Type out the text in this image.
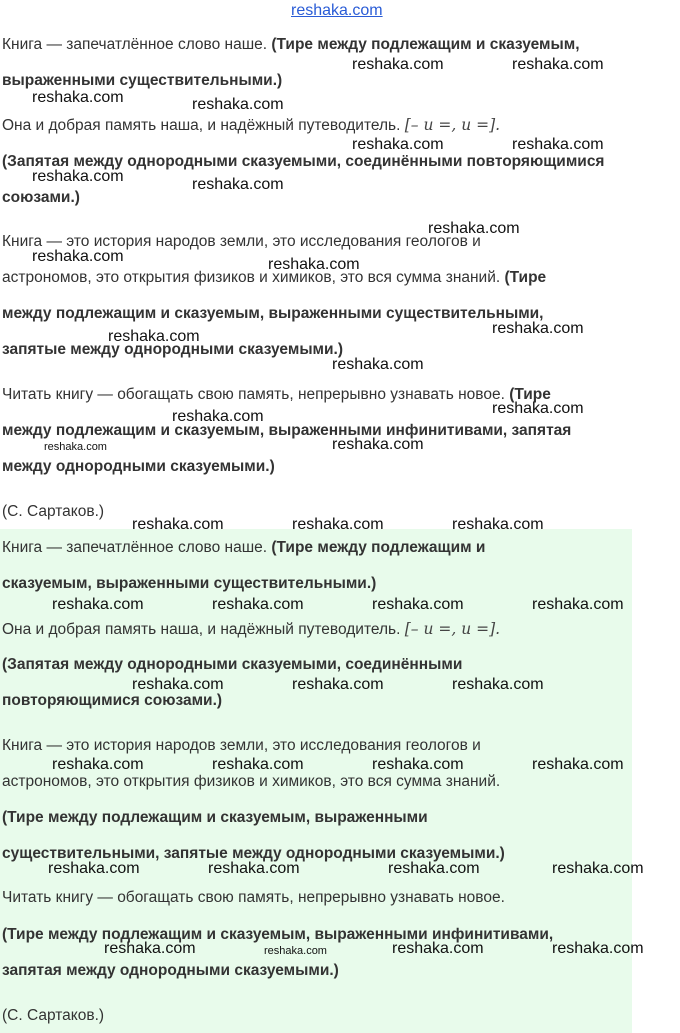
reshaka.com
Книга — запечатлённое слово наше. (Тире между подлежащим и сказуемым,
выраженными существительными.)
Она и добрая память наша, и надёжный путеводитель. [– и =, и =].
(Запятая между однородными сказуемыми, соединёнными повторяющимися
союзами.)
Книга — это история народов земли, это исследования геологов и
астрономов, это открытия физиков и химиков, это вся сумма знаний. (Тире
между подлежащим и сказуемым, выраженными существительными,
запятые между однородными сказуемыми.)
Читать книгу — обогащать свою память, непрерывно узнавать новое. (Тире
между подлежащим и сказуемым, выраженными инфинитивами, запятая
между однородными сказуемыми.)
(С. Сартаков.)
Книга — запечатлённое слово наше. (Тире между подлежащим и
сказуемым, выраженными существительными.)
Она и добрая память наша, и надёжный путеводитель. [– и =, и =].
(Запятая между однородными сказуемыми, соединёнными
повторяющимися союзами.)
Книга — это история народов земли, это исследования геологов и
астрономов, это открытия физиков и химиков, это вся сумма знаний.
(Тире между подлежащим и сказуемым, выраженными
существительными, запятые между однородными сказуемыми.)
Читать книгу — обогащать свою память, непрерывно узнавать новое.
(Тире между подлежащим и сказуемым, выраженными инфинитивами,
запятая между однородными сказуемыми.)
(С. Сартаков.)
reshaka.com	reshaka.com
reshaka.com	reshaka.com
reshaka.com	reshaka.com
reshaka.com	reshaka.com
reshaka.com
reshaka.com	reshaka.com
reshaka.com
reshaka.com
reshaka.com
reshaka.com
reshaka.com
reshaka.com	reshaka.com
reshaka.com	reshaka.com	reshaka.com
reshaka.com	reshaka.com	reshaka.com	reshaka.com
reshaka.com	reshaka.com	reshaka.com
reshaka.com	reshaka.com	reshaka.com	reshaka.com
reshaka.com	reshaka.com	reshaka.com	reshaka.com
reshaka.com	reshaka.com	reshaka.com	reshaka.com
